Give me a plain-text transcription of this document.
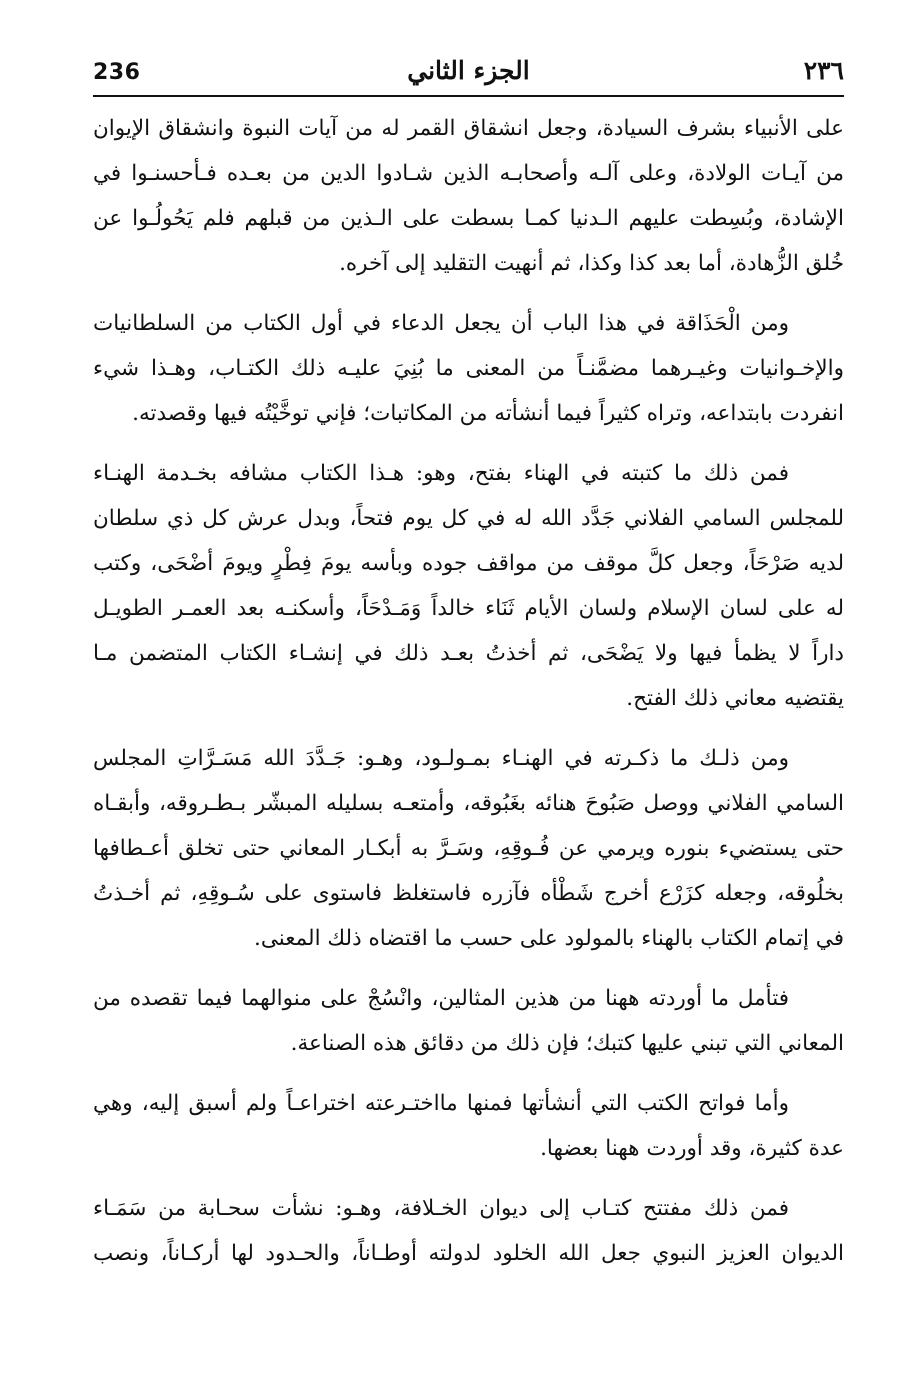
236	الجزء الثاني	٢٣٦
على الأنبياء بشرف السيادة، وجعل انشقاق القمر له من آيات النبوة وانشقاق الإيوان
من آيـات الولادة، وعلى آلـه وأصحابـه الذين شـادوا الدين من بعـده فـأحسنـوا في
الإشادة، وبُسِطت عليهم الـدنيا كمـا بسطت على الـذين من قبلهم فلم يَحُولُـوا عن
خُلق الزُّهادة، أما بعد كذا وكذا، ثم أنهيت التقليد إلى آخره.
ومن الْحَذَاقة في هذا الباب أن يجعل الدعاء في أول الكتاب من السلطانيات
والإخـوانيات وغيـرهما مضمَّنـاً من المعنى ما بُنِيَ عليـه ذلك الكتـاب، وهـذا شيء
انفردت بابتداعه، وتراه كثيراً فيما أنشأته من المكاتبات؛ فإني توخَّيْتُه فيها وقصدته.
فمن ذلك ما كتبته في الهناء بفتح، وهو: هـذا الكتاب مشافه بخـدمة الهنـاء
للمجلس السامي الفلاني جَدَّد الله له في كل يوم فتحاً، وبدل عرش كل ذي سلطان
لديه صَرْحَاً، وجعل كلَّ موقف من مواقف جوده وبأسه يومَ فِطْرٍ ويومَ أضْحَى، وكتب
له على لسان الإسلام ولسان الأيام ثَنَاء خالداً وَمَـدْحَاً، وأسكنـه بعد العمـر الطويـل
داراً لا يظمأ فيها ولا يَضْحَى، ثم أخذتُ بعـد ذلك في إنشـاء الكتاب المتضمن مـا
يقتضيه معاني ذلك الفتح.
ومن ذلـك ما ذكـرته في الهنـاء بمـولـود، وهـو: جَـدَّدَ الله مَسَـرَّاتِ المجلس
السامي الفلاني ووصل صَبُوحَ هنائه بغَبُوقه، وأمتعـه بسليله المبشّر بـطـروقه، وأبقـاه
حتى يستضيء بنوره ويرمي عن فُـوقِهِ، وسَـرَّ به أبكـار المعاني حتى تخلق أعـطافها
بخلُوقه، وجعله كزَرْع أخرج شَطْأه فآزره فاستغلظ فاستوى على سُـوقِهِ، ثم أخـذتُ
في إتمام الكتاب بالهناء بالمولود على حسب ما اقتضاه ذلك المعنى.
فتأمل ما أوردته ههنا من هذين المثالين، وانْسُجْ على منوالهما فيما تقصده من
المعاني التي تبني عليها كتبك؛ فإن ذلك من دقائق هذه الصناعة.
وأما فواتح الكتب التي أنشأتها فمنها مااختـرعته اختراعـاً ولم أسبق إليه، وهي
عدة كثيرة، وقد أوردت ههنا بعضها.
فمن ذلك مفتتح كتـاب إلى ديوان الخـلافة، وهـو: نشأت سحـابة من سَمَـاء
الديوان العزيز النبوي جعل الله الخلود لدولته أوطـاناً، والحـدود لها أركـاناً، ونصب
